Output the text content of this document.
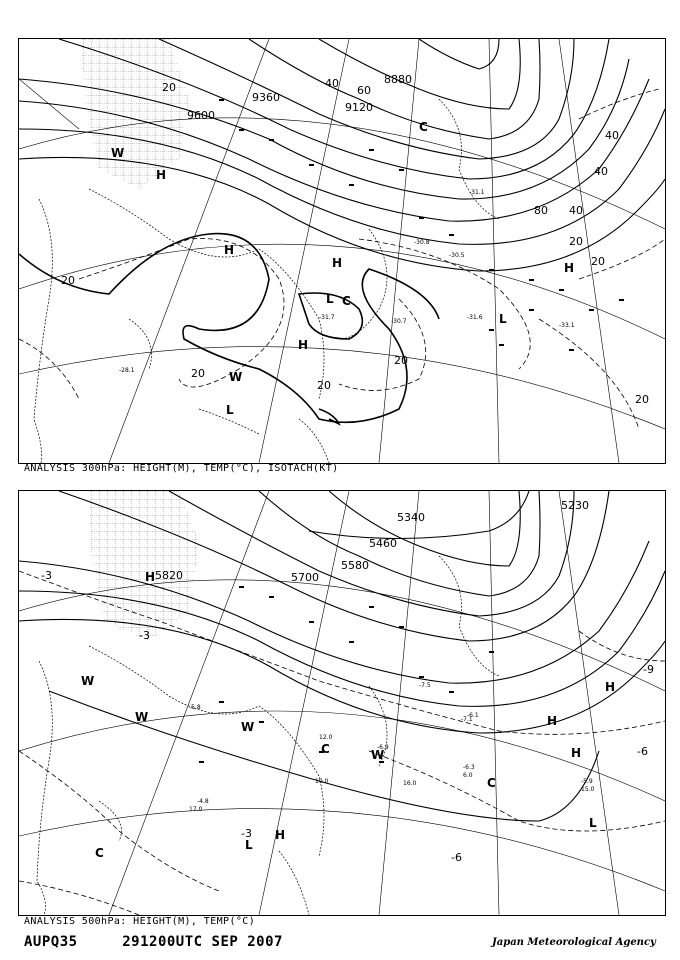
9600
9360
9120
8880
20	40
60
80 40
20
20
20
20
20
20
20
40
40
H
H
H
H
H
L
L
L
C
C
W
W
-31.6
-30.7
-30.8
-28.1
-30.5
-31.1
-31.7
-33.1
ANALYSIS 300hPa: HEIGHT(M), TEMP(°C), ISOTACH(KT)
5820	5700
5580
5460
5340
5230
-3
-3
-3
-9
-6
-6
H
H
H
H
H
L
L
C
C
C
W
W
W
W
-6.1
-5.9
-7.1
-5.8
-4.8
-6.3
-6.9
-7.5
16.0
12.0
10.0
15.0
6.0
17.0
ANALYSIS 500hPa: HEIGHT(M), TEMP(°C)
AUPQ35	291200UTC SEP 2007	Japan Meteorological Agency
